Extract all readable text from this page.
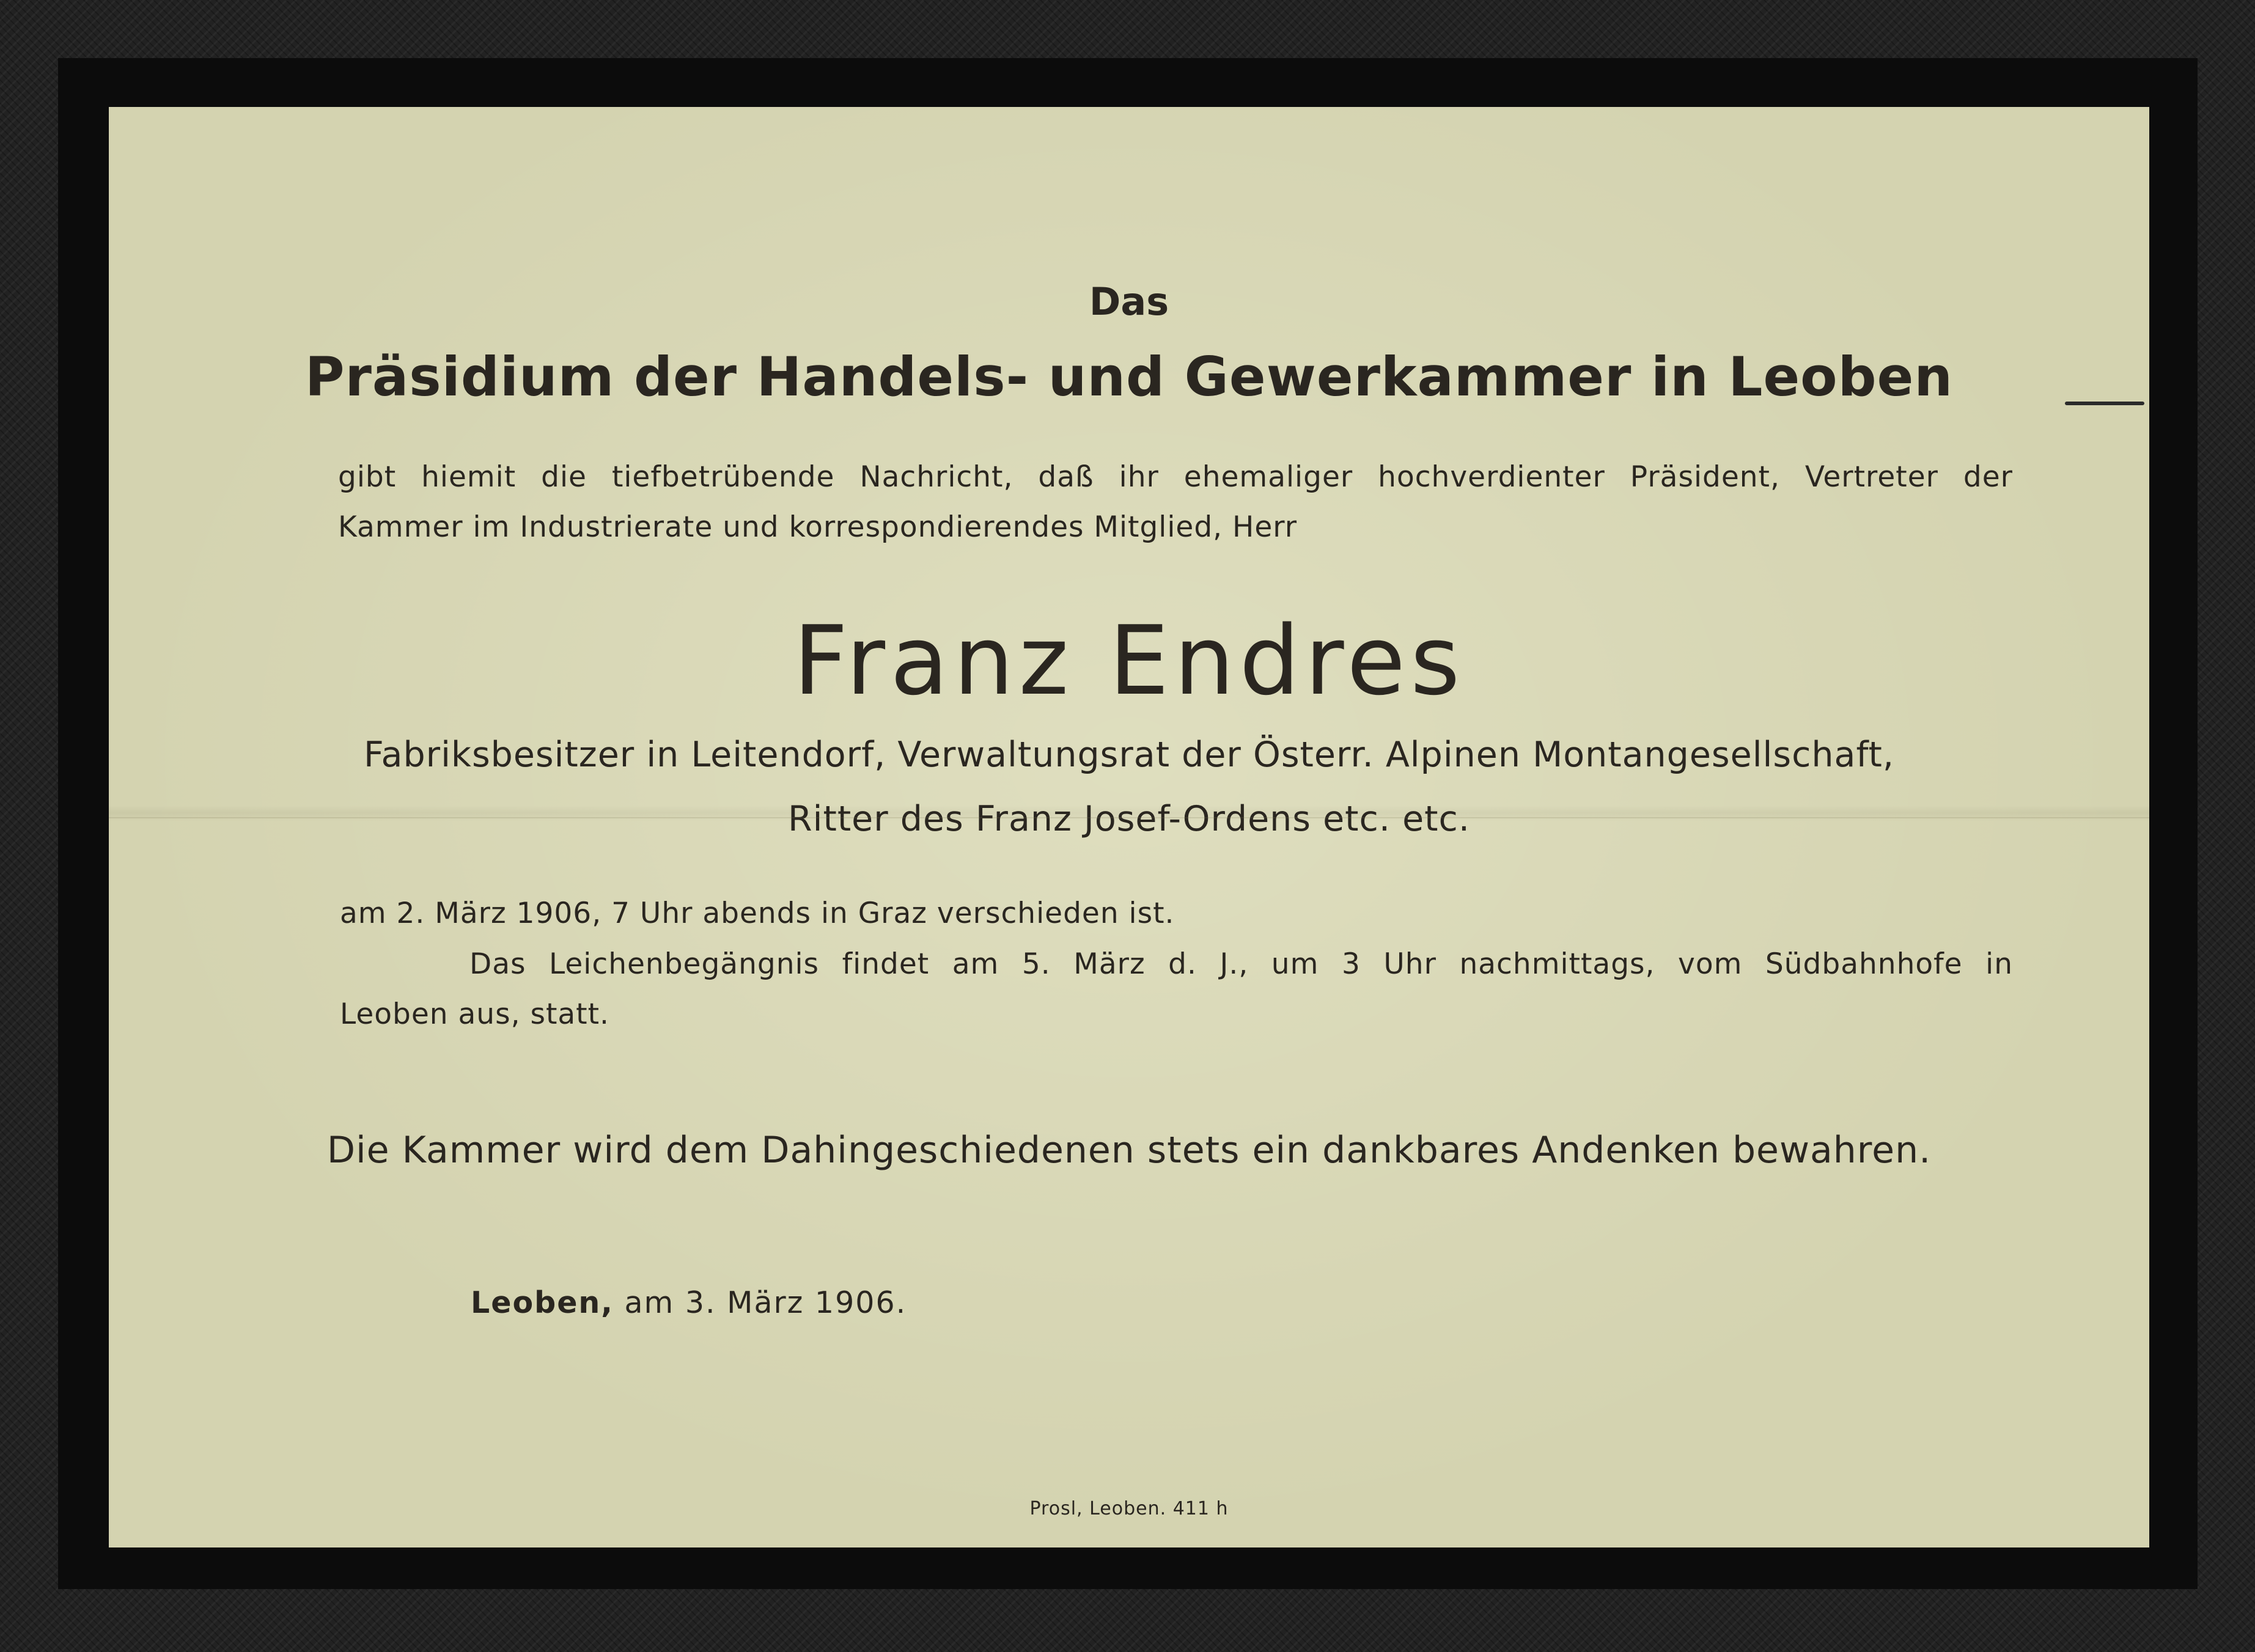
Das
Präsidium der Handels- und Gewerkammer in Leoben
gibt hiemit die tiefbetrübende Nachricht, daß ihr ehemaliger hochverdienter Präsident, Vertreter der
Kammer im Industrierate und korrespondierendes Mitglied, Herr
Franz Endres
Fabriksbesitzer in Leitendorf, Verwaltungsrat der Österr. Alpinen Montangesellschaft,
Ritter des Franz Josef-Ordens etc. etc.
am 2. März 1906, 7 Uhr abends in Graz verschieden ist.
Das Leichenbegängnis findet am 5. März d. J., um 3 Uhr nachmittags, vom Südbahnhofe in
Leoben aus, statt.
Die Kammer wird dem Dahingeschiedenen stets ein dankbares Andenken bewahren.
Leoben, am 3. März 1906.
Prosl, Leoben. 411 h
